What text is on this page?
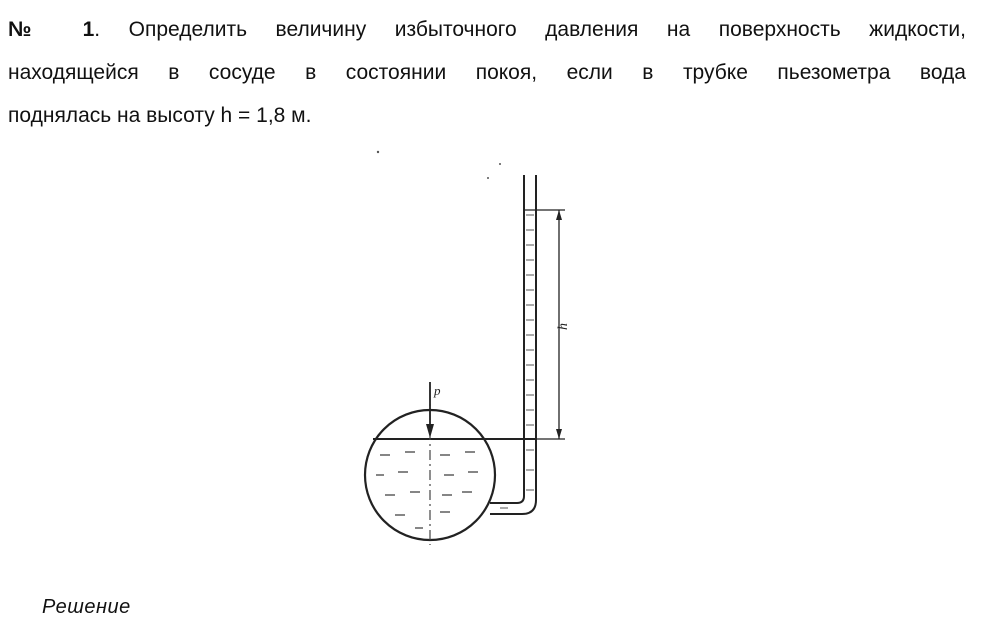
№ 1. Определить величину избыточного давления на поверхность жидкости,
находящейся в сосуде в состоянии покоя, если в трубке пьезометра вода
поднялась на высоту h = 1,8 м.
p
h
Решение
